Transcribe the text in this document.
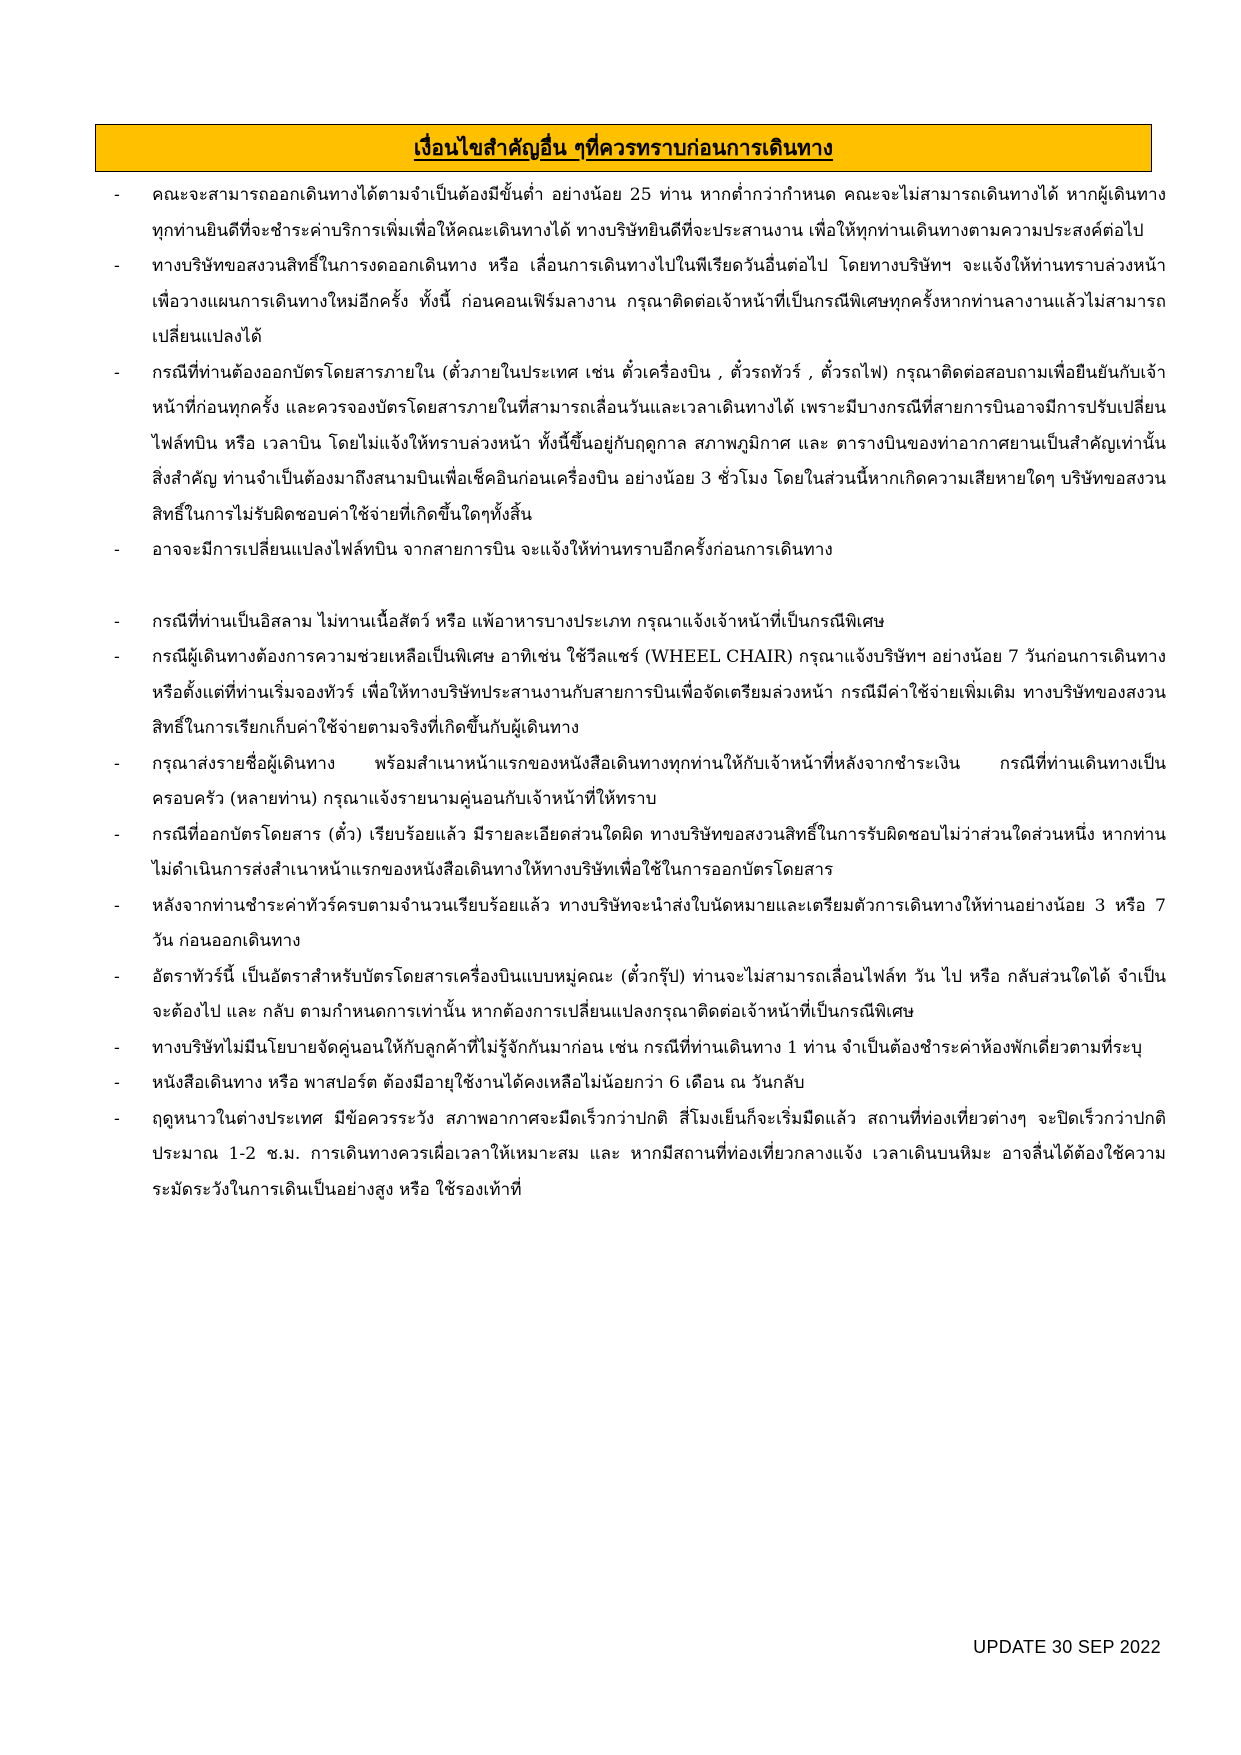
เงื่อนไขสำคัญอื่น ๆที่ควรทราบก่อนการเดินทาง
-	คณะจะสามารถออกเดินทางได้ตามจำเป็นต้องมีขั้นต่ำ อย่างน้อย 25 ท่าน หากต่ำกว่ากำหนด คณะจะไม่สามารถเดินทางได้ หากผู้เดินทางทุกท่านยินดีที่จะชำระค่าบริการเพิ่มเพื่อให้คณะเดินทางได้ ทางบริษัทยินดีที่จะประสานงาน เพื่อให้ทุกท่านเดินทางตามความประสงค์ต่อไป
-	ทางบริษัทขอสงวนสิทธิ์ในการงดออกเดินทาง หรือ เลื่อนการเดินทางไปในพีเรียดวันอื่นต่อไป โดยทางบริษัทฯ จะแจ้งให้ท่านทราบล่วงหน้าเพื่อวางแผนการเดินทางใหม่อีกครั้ง ทั้งนี้ ก่อนคอนเฟิร์มลางาน กรุณาติดต่อเจ้าหน้าที่เป็นกรณีพิเศษทุกครั้งหากท่านลางานแล้วไม่สามารถเปลี่ยนแปลงได้
-	กรณีที่ท่านต้องออกบัตรโดยสารภายใน (ตั๋วภายในประเทศ เช่น ตั๋วเครื่องบิน , ตั๋วรถทัวร์ , ตั๋วรถไฟ) กรุณาติดต่อสอบถามเพื่อยืนยันกับเจ้าหน้าที่ก่อนทุกครั้ง และควรจองบัตรโดยสารภายในที่สามารถเลื่อนวันและเวลาเดินทางได้ เพราะมีบางกรณีที่สายการบินอาจมีการปรับเปลี่ยนไฟล์ทบิน หรือ เวลาบิน โดยไม่แจ้งให้ทราบล่วงหน้า ทั้งนี้ขึ้นอยู่กับฤดูกาล สภาพภูมิกาศ และ ตารางบินของท่าอากาศยานเป็นสำคัญเท่านั้น สิ่งสำคัญ ท่านจำเป็นต้องมาถึงสนามบินเพื่อเช็คอินก่อนเครื่องบิน อย่างน้อย 3 ชั่วโมง โดยในส่วนนี้หากเกิดความเสียหายใดๆ บริษัทขอสงวนสิทธิ์ในการไม่รับผิดชอบค่าใช้จ่ายที่เกิดขึ้นใดๆทั้งสิ้น
-	อาจจะมีการเปลี่ยนแปลงไฟล์ทบิน จากสายการบิน จะแจ้งให้ท่านทราบอีกครั้งก่อนการเดินทาง
-	กรณีที่ท่านเป็นอิสลาม ไม่ทานเนื้อสัตว์ หรือ แพ้อาหารบางประเภท กรุณาแจ้งเจ้าหน้าที่เป็นกรณีพิเศษ
-	กรณีผู้เดินทางต้องการความช่วยเหลือเป็นพิเศษ อาทิเช่น ใช้วีลแชร์ (WHEEL CHAIR) กรุณาแจ้งบริษัทฯ อย่างน้อย 7 วันก่อนการเดินทาง หรือตั้งแต่ที่ท่านเริ่มจองทัวร์ เพื่อให้ทางบริษัทประสานงานกับสายการบินเพื่อจัดเตรียมล่วงหน้า กรณีมีค่าใช้จ่ายเพิ่มเติม ทางบริษัทของสงวนสิทธิ์ในการเรียกเก็บค่าใช้จ่ายตามจริงที่เกิดขึ้นกับผู้เดินทาง
-	กรุณาส่งรายชื่อผู้เดินทาง พร้อมสำเนาหน้าแรกของหนังสือเดินทางทุกท่านให้กับเจ้าหน้าที่หลังจากชำระเงิน กรณีที่ท่านเดินทางเป็นครอบครัว (หลายท่าน) กรุณาแจ้งรายนามคู่นอนกับเจ้าหน้าที่ให้ทราบ
-	กรณีที่ออกบัตรโดยสาร (ตั๋ว) เรียบร้อยแล้ว มีรายละเอียดส่วนใดผิด ทางบริษัทขอสงวนสิทธิ์ในการรับผิดชอบไม่ว่าส่วนใดส่วนหนึ่ง หากท่านไม่ดำเนินการส่งสำเนาหน้าแรกของหนังสือเดินทางให้ทางบริษัทเพื่อใช้ในการออกบัตรโดยสาร
-	หลังจากท่านชำระค่าทัวร์ครบตามจำนวนเรียบร้อยแล้ว ทางบริษัทจะนำส่งใบนัดหมายและเตรียมตัวการเดินทางให้ท่านอย่างน้อย 3 หรือ 7 วัน ก่อนออกเดินทาง
-	อัตราทัวร์นี้ เป็นอัตราสำหรับบัตรโดยสารเครื่องบินแบบหมู่คณะ (ตั๋วกรุ๊ป) ท่านจะไม่สามารถเลื่อนไฟล์ท วัน ไป หรือ กลับส่วนใดได้ จำเป็นจะต้องไป และ กลับ ตามกำหนดการเท่านั้น หากต้องการเปลี่ยนแปลงกรุณาติดต่อเจ้าหน้าที่เป็นกรณีพิเศษ
-	ทางบริษัทไม่มีนโยบายจัดคู่นอนให้กับลูกค้าที่ไม่รู้จักกันมาก่อน เช่น กรณีที่ท่านเดินทาง 1 ท่าน จำเป็นต้องชำระค่าห้องพักเดี่ยวตามที่ระบุ
-	หนังสือเดินทาง หรือ พาสปอร์ต ต้องมีอายุใช้งานได้คงเหลือไม่น้อยกว่า 6 เดือน ณ วันกลับ
-	ฤดูหนาวในต่างประเทศ มีข้อควรระวัง สภาพอากาศจะมืดเร็วกว่าปกติ สี่โมงเย็นก็จะเริ่มมืดแล้ว สถานที่ท่องเที่ยวต่างๆ จะปิดเร็วกว่าปกติ ประมาณ 1-2 ช.ม. การเดินทางควรเผื่อเวลาให้เหมาะสม และ หากมีสถานที่ท่องเที่ยวกลางแจ้ง เวลาเดินบนหิมะ อาจลื่นได้ต้องใช้ความระมัดระวังในการเดินเป็นอย่างสูง หรือ ใช้รองเท้าที่
UPDATE 30 SEP 2022
